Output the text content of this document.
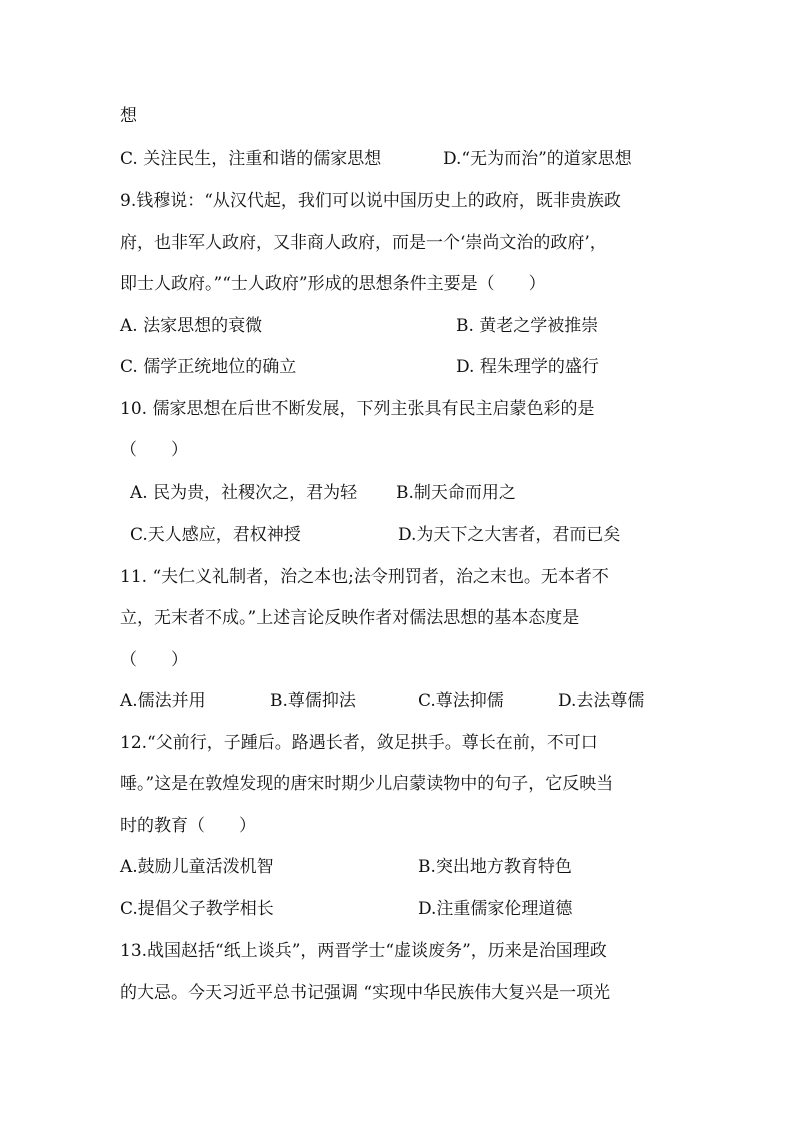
想
C. 关注民生，注重和谐的儒家思想	D.“无为而治”的道家思想
9.钱穆说：“从汉代起，我们可以说中国历史上的政府，既非贵族政
府，也非军人政府，又非商人政府，而是一个‘崇尚文治的政府’，
即士人政府。”“士人政府”形成的思想条件主要是（　　）
A. 法家思想的衰微	B. 黄老之学被推崇
C. 儒学正统地位的确立	D. 程朱理学的盛行
10. 儒家思想在后世不断发展，下列主张具有民主启蒙色彩的是
（　　）
A. 民为贵，社稷次之，君为轻 B.制天命而用之
C.天人感应，君权神授	D.为天下之大害者，君而已矣
11. “夫仁义礼制者，治之本也;法令刑罚者，治之末也。无本者不
立，无末者不成。”上述言论反映作者对儒法思想的基本态度是
（　　）
A.儒法并用	B.尊儒抑法	C.尊法抑儒	D.去法尊儒
12.“父前行，子踵后。路遇长者，敛足拱手。尊长在前，不可口
唾。”这是在敦煌发现的唐宋时期少儿启蒙读物中的句子，它反映当
时的教育（　　）
A.鼓励儿童活泼机智	B.突出地方教育特色
C.提倡父子教学相长	D.注重儒家伦理道德
13.战国赵括“纸上谈兵”，两晋学士“虚谈废务”，历来是治国理政
的大忌。今天习近平总书记强调 “实现中华民族伟大复兴是一项光
